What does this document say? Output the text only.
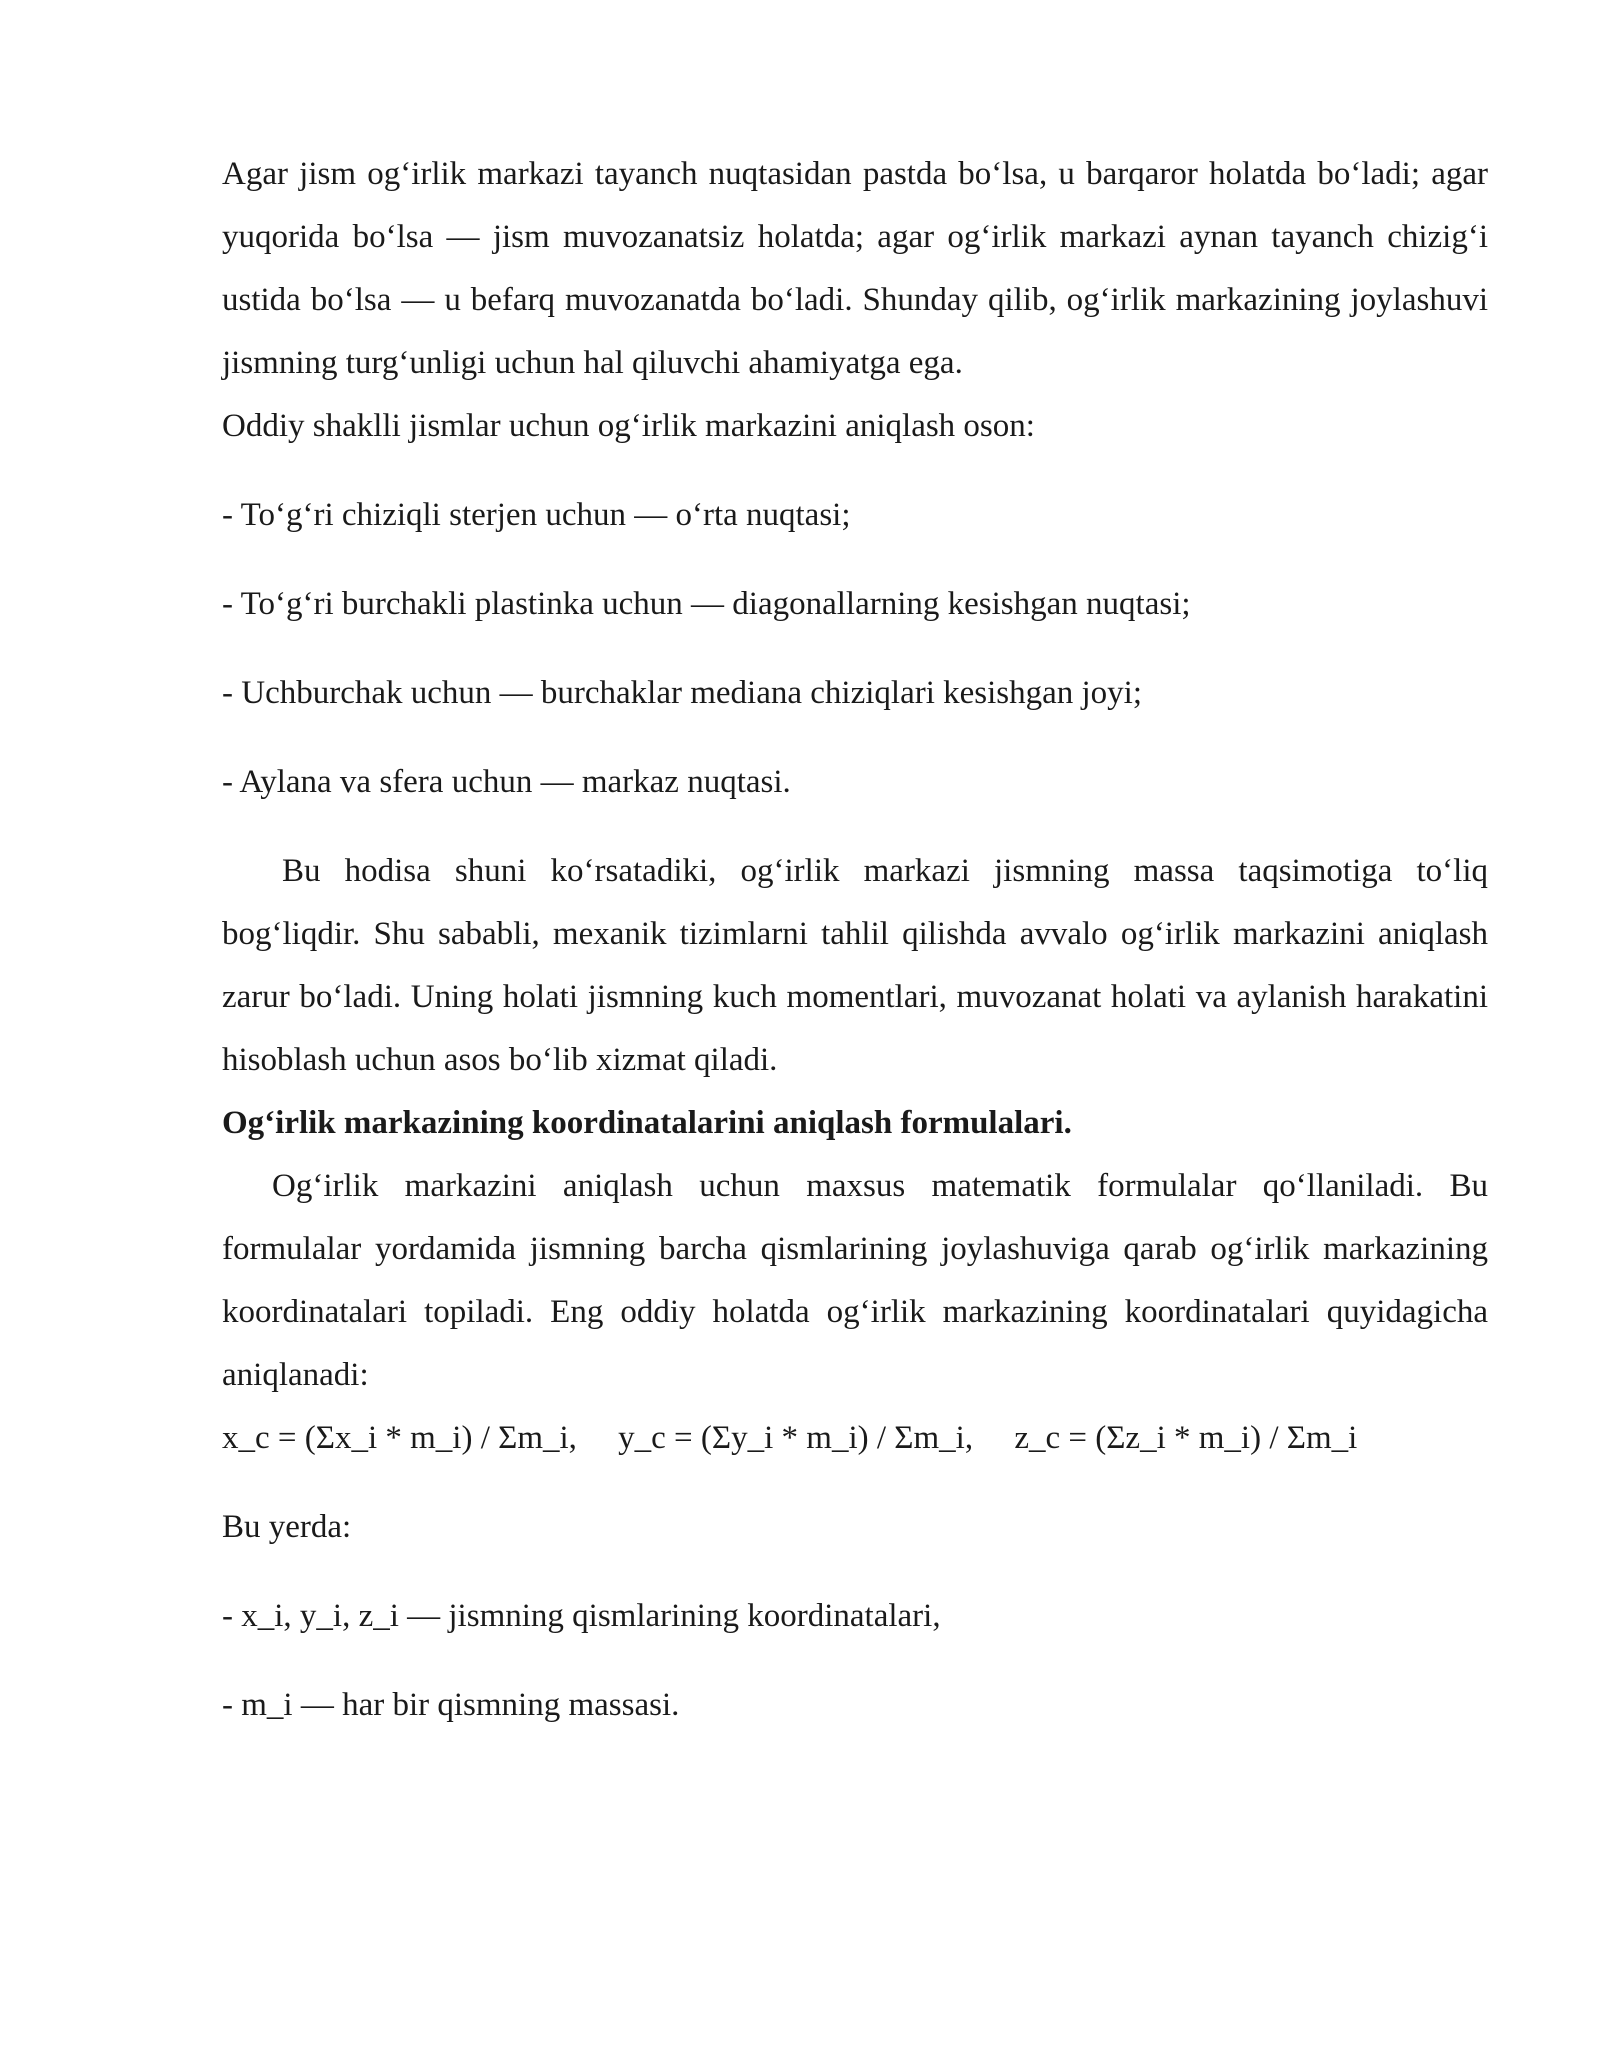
Agar jism og‘irlik markazi tayanch nuqtasidan pastda bo‘lsa, u barqaror holatda bo‘ladi; agar yuqorida bo‘lsa — jism muvozanatsiz holatda; agar og‘irlik markazi aynan tayanch chizig‘i ustida bo‘lsa — u befarq muvozanatda bo‘ladi. Shunday qilib, og‘irlik markazining joylashuvi jismning turg‘unligi uchun hal qiluvchi ahamiyatga ega.

Oddiy shaklli jismlar uchun og‘irlik markazini aniqlash oson:

- To‘g‘ri chiziqli sterjen uchun — o‘rta nuqtasi;

- To‘g‘ri burchakli plastinka uchun — diagonallarning kesishgan nuqtasi;

- Uchburchak uchun — burchaklar mediana chiziqlari kesishgan joyi;

- Aylana va sfera uchun — markaz nuqtasi.

Bu hodisa shuni ko‘rsatadiki, og‘irlik markazi jismning massa taqsimotiga to‘liq bog‘liqdir. Shu sababli, mexanik tizimlarni tahlil qilishda avvalo og‘irlik markazini aniqlash zarur bo‘ladi. Uning holati jismning kuch momentlari, muvozanat holati va aylanish harakatini hisoblash uchun asos bo‘lib xizmat qiladi.

Og‘irlik markazining koordinatalarini aniqlash formulalari.

Og‘irlik markazini aniqlash uchun maxsus matematik formulalar qo‘llaniladi. Bu formulalar yordamida jismning barcha qismlarining joylashuviga qarab og‘irlik markazining koordinatalari topiladi. Eng oddiy holatda og‘irlik markazining koordinatalari quyidagicha aniqlanadi:

x_c = (Σx_i * m_i) / Σm_i,     y_c = (Σy_i * m_i) / Σm_i,     z_c = (Σz_i * m_i) / Σm_i

Bu yerda:

- x_i, y_i, z_i — jismning qismlarining koordinatalari,

- m_i — har bir qismning massasi.
